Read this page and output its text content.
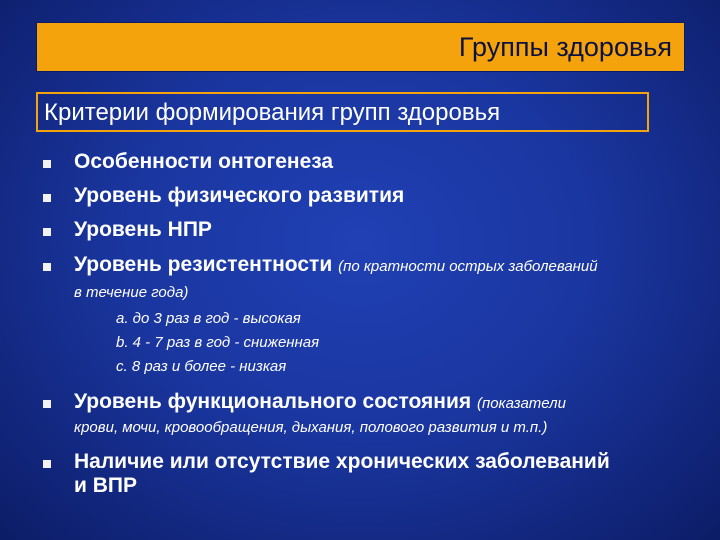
Группы здоровья
Критерии формирования групп здоровья
Особенности онтогенеза
Уровень физического развития
Уровень НПР
Уровень резистентности (по кратности острых заболеваний
в течение года)
a. до 3 раз в год - высокая
b. 4 - 7 раз в год - сниженная
c. 8 раз и более - низкая
Уровень функционального состояния (показатели
крови, мочи, кровообращения, дыхания, полового развития и т.п.)
Наличие или отсутствие хронических заболеваний
и ВПР
